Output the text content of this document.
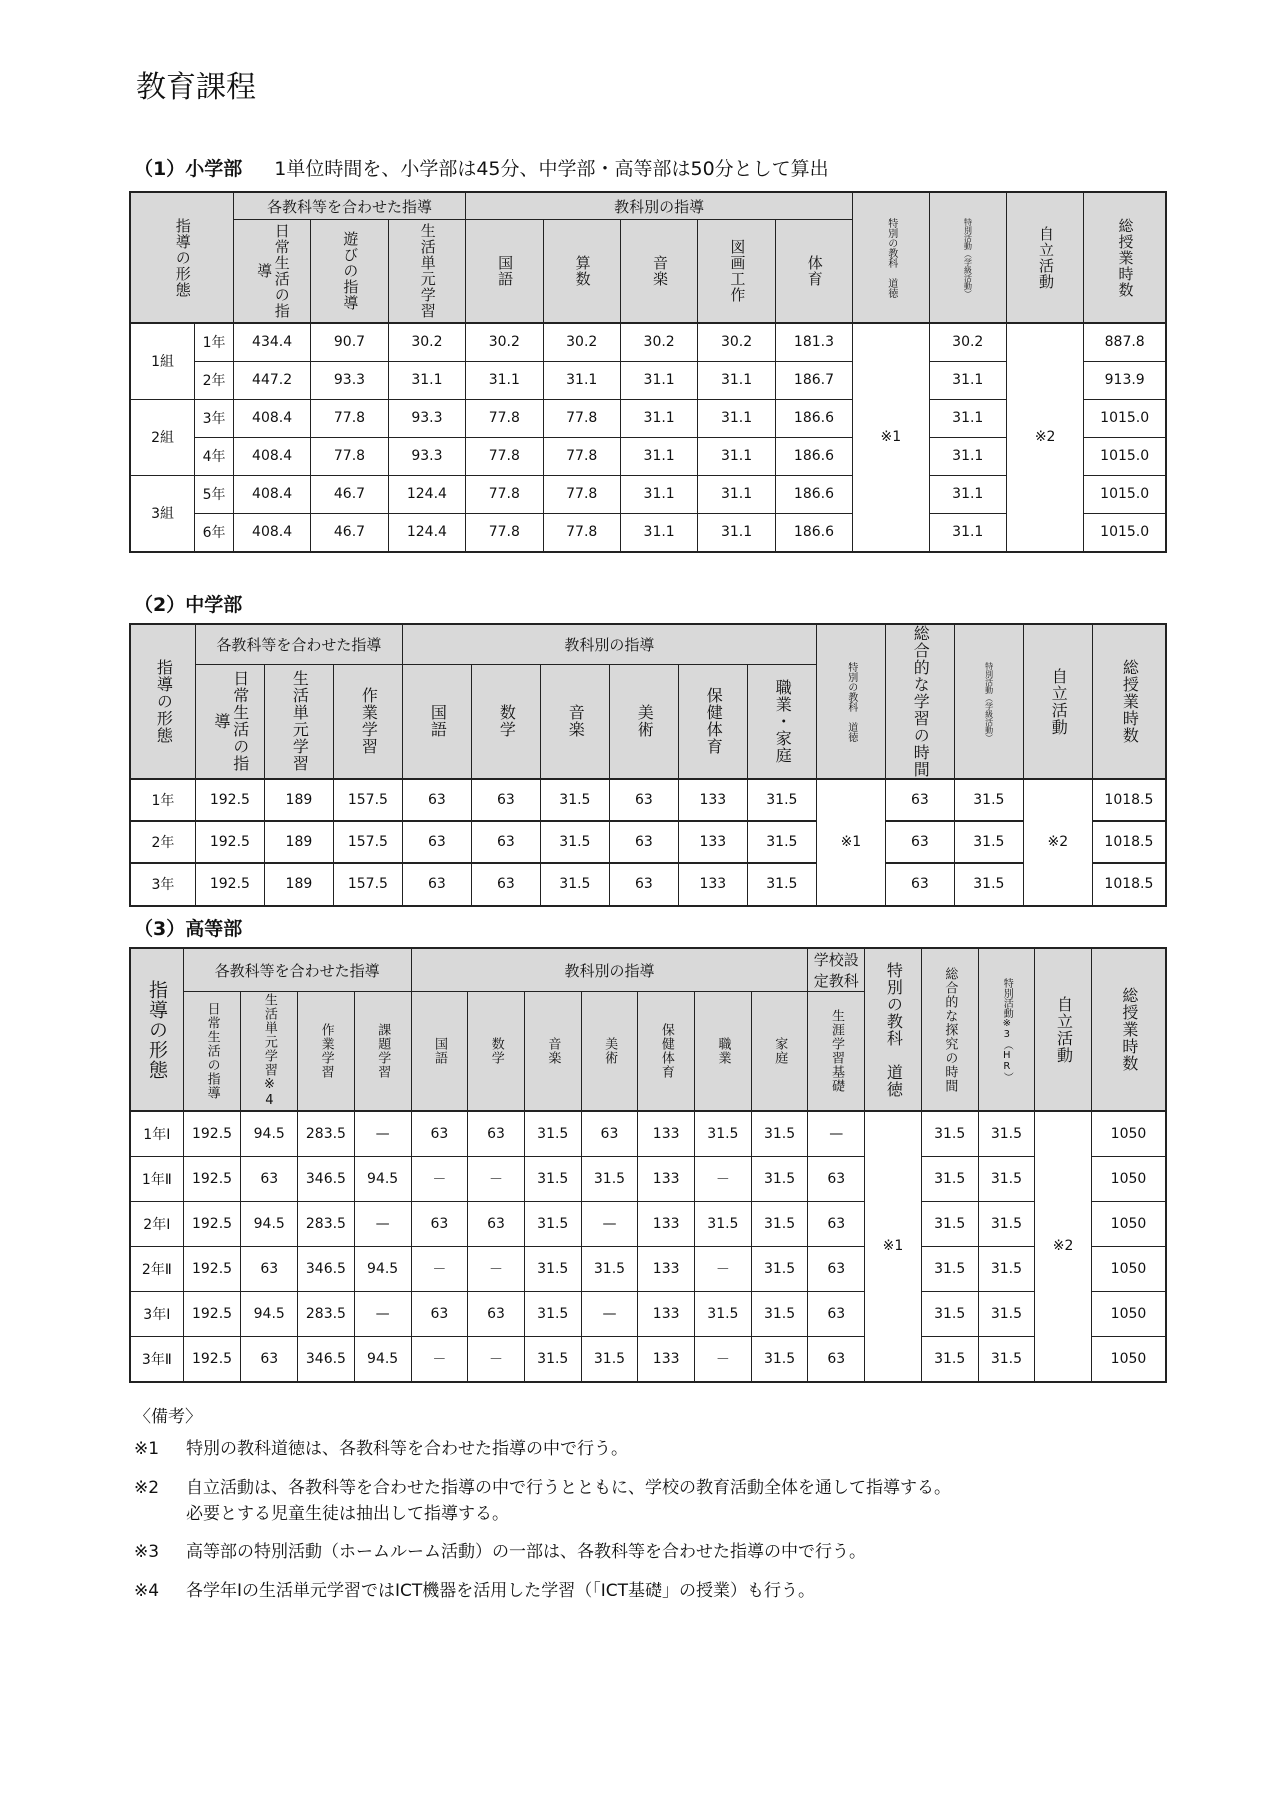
教育課程
（1）小学部 1単位時間を、小学部は45分、中学部・高等部は50分として算出
指導の形態		各教科等を合わせた指導			教科別の指導					特別の教科　道徳	特別活動（学級活動）	自立活動	総授業時数

		日常生活の指導	遊びの指導	生活単元学習	国語	算数	音楽	図画工作	体育				

1組	1年	434.4	90.7	30.2	30.2	30.2	30.2	30.2	181.3	※1	30.2	※2	887.8
	2年	447.2	93.3	31.1	31.1	31.1	31.1	31.1	186.7		31.1		913.9
2組	3年	408.4	77.8	93.3	77.8	77.8	31.1	31.1	186.6		31.1		1015.0
	4年	408.4	77.8	93.3	77.8	77.8	31.1	31.1	186.6		31.1		1015.0
3組	5年	408.4	46.7	124.4	77.8	77.8	31.1	31.1	186.6		31.1		1015.0
	6年	408.4	46.7	124.4	77.8	77.8	31.1	31.1	186.6		31.1		1015.0
（2）中学部
指導の形態	各教科等を合わせた指導			教科別の指導						特別の教科　道徳	総合的な学習の時間	特別活動（学級活動）	自立活動	総授業時数

	日常生活の指導	生活単元学習	作業学習	国語	数学	音楽	美術	保健体育	職業・家庭					

1年	192.5	189	157.5	63	63	31.5	63	133	31.5	※1	63	31.5	※2	1018.5
2年	192.5	189	157.5	63	63	31.5	63	133	31.5		63	31.5		1018.5
3年	192.5	189	157.5	63	63	31.5	63	133	31.5		63	31.5		1018.5
（3）高等部
指導の形態	各教科等を合わせた指導				教科別の指導							学校設定教科	特別の教科　道徳	総合的な探究の時間	特別活動※3（HR）	自立活動	総授業時数

	日常生活の指導	生活単元学習※4	作業学習	課題学習	国語	数学	音楽	美術	保健体育	職業	家庭	生涯学習基礎					

1年Ⅰ	192.5	94.5	283.5	—	63	63	31.5	63	133	31.5	31.5	—	※1	31.5	31.5	※2	1050
1年Ⅱ	192.5	63	346.5	94.5	－	－	31.5	31.5	133	－	31.5	63		31.5	31.5		1050
2年Ⅰ	192.5	94.5	283.5	—	63	63	31.5	—	133	31.5	31.5	63		31.5	31.5		1050
2年Ⅱ	192.5	63	346.5	94.5	－	－	31.5	31.5	133	－	31.5	63		31.5	31.5		1050
3年Ⅰ	192.5	94.5	283.5	—	63	63	31.5	—	133	31.5	31.5	63		31.5	31.5		1050
3年Ⅱ	192.5	63	346.5	94.5	－	－	31.5	31.5	133	－	31.5	63		31.5	31.5		1050
〈備考〉
※1 特別の教科道徳は、各教科等を合わせた指導の中で行う。
※2 自立活動は、各教科等を合わせた指導の中で行うとともに、学校の教育活動全体を通して指導する。
必要とする児童生徒は抽出して指導する。
※3 高等部の特別活動（ホームルーム活動）の一部は、各教科等を合わせた指導の中で行う。
※4 各学年Ⅰの生活単元学習ではICT機器を活用した学習（「ICT基礎」の授業）も行う。
